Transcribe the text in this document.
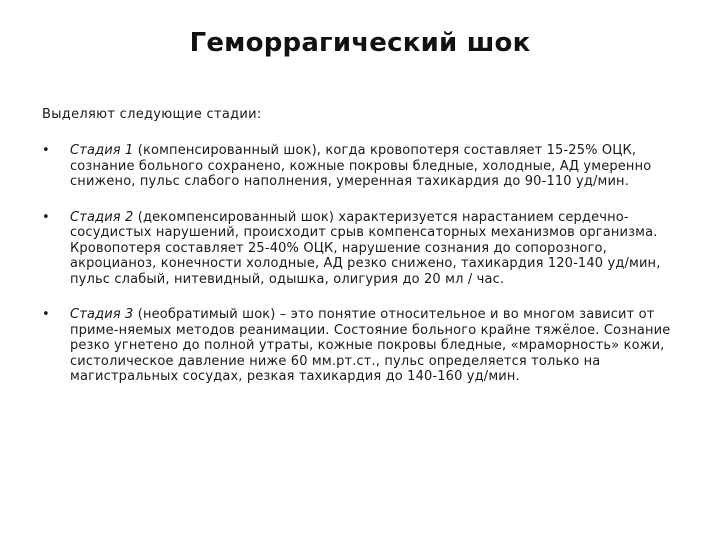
Геморрагический шок
Выделяют следующие стадии:
• Стадия 1 (компенсированный шок), когда кровопотеря составляет 15-25% ОЦК, сознание больного сохранено, кожные покровы бледные, холодные, АД умеренно снижено, пульс слабого наполнения, умеренная тахикардия до 90-110 уд/мин.
• Стадия 2 (декомпенсированный шок) характеризуется нарастанием сердечно-сосудистых нарушений, происходит срыв компенсаторных механизмов организма. Кровопотеря составляет 25-40% ОЦК, нарушение сознания до сопорозного, акроцианоз, конечности холодные, АД резко снижено, тахикардия 120-140 уд/мин, пульс слабый, нитевидный, одышка, олигурия до 20 мл / час.
• Стадия 3 (необратимый шок) – это понятие относительное и во многом зависит от приме-няемых методов реанимации. Состояние больного крайне тяжёлое. Сознание резко угнетено до полной утраты, кожные покровы бледные, «мраморность» кожи, систолическое давление ниже 60 мм.рт.ст., пульс определяется только на магистральных сосудах, резкая тахикардия до 140-160 уд/мин.
